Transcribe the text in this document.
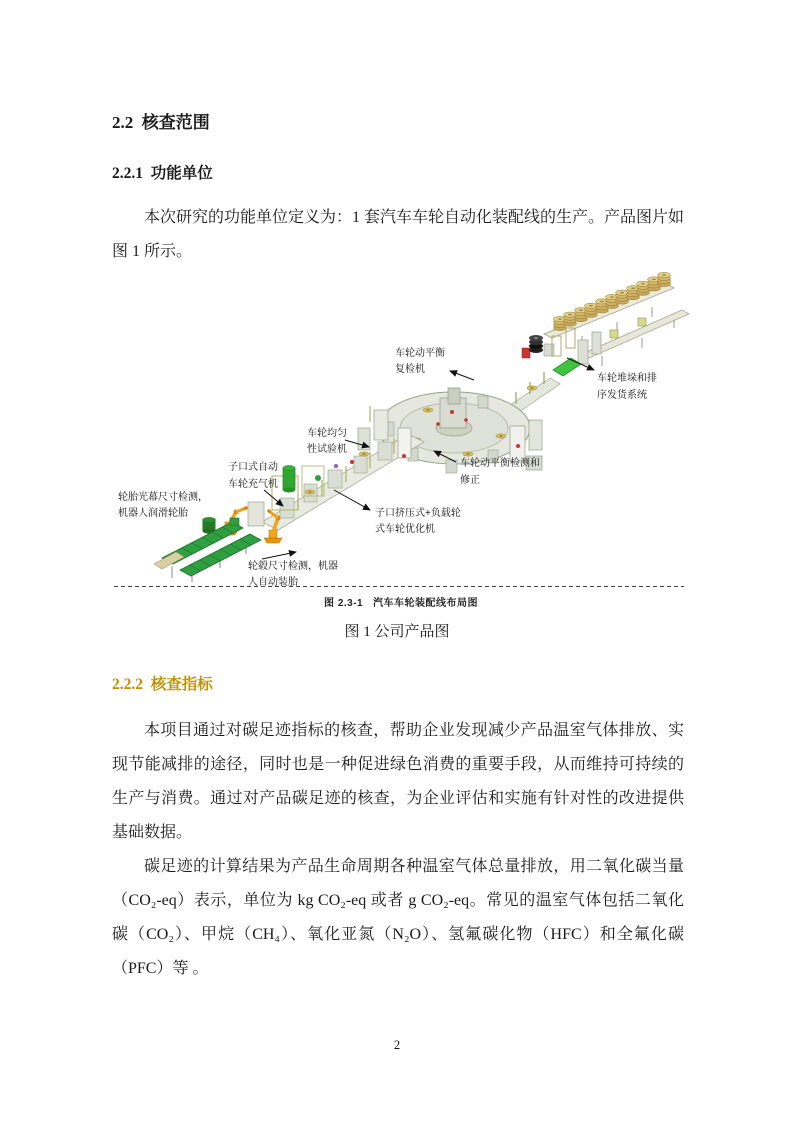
2.2  核查范围
2.2.1  功能单位

本次研究的功能单位定义为：1 套汽车车轮自动化装配线的生产。产品图片如图 1 所示。

车轮动平衡
复检机
车轮堆垛和排
序发货系统
车轮均匀
性试验机
车轮动平衡检测和
修正
子口式自动
车轮充气机
轮胎光幕尺寸检测，
机器人润滑轮胎	子口挤压式+负载轮
式车轮优化机
轮毂尺寸检测，机器
人自动装胎
图 2.3-1   汽车车轮装配线布局图
图 1 公司产品图
2.2.2  核查指标

本项目通过对碳足迹指标的核查，帮助企业发现减少产品温室气体排放、实现节能减排的途径，同时也是一种促进绿色消费的重要手段，从而维持可持续的生产与消费。通过对产品碳足迹的核查，为企业评估和实施有针对性的改进提供基础数据。

碳足迹的计算结果为产品生命周期各种温室气体总量排放，用二氧化碳当量（CO₂-eq）表示，单位为 kg CO₂-eq 或者 g CO₂-eq。常见的温室气体包括二氧化碳（CO₂）、甲烷（CH₄）、氧化亚氮（N₂O）、氢氟碳化物（HFC）和全氟化碳（PFC）等 。

2
